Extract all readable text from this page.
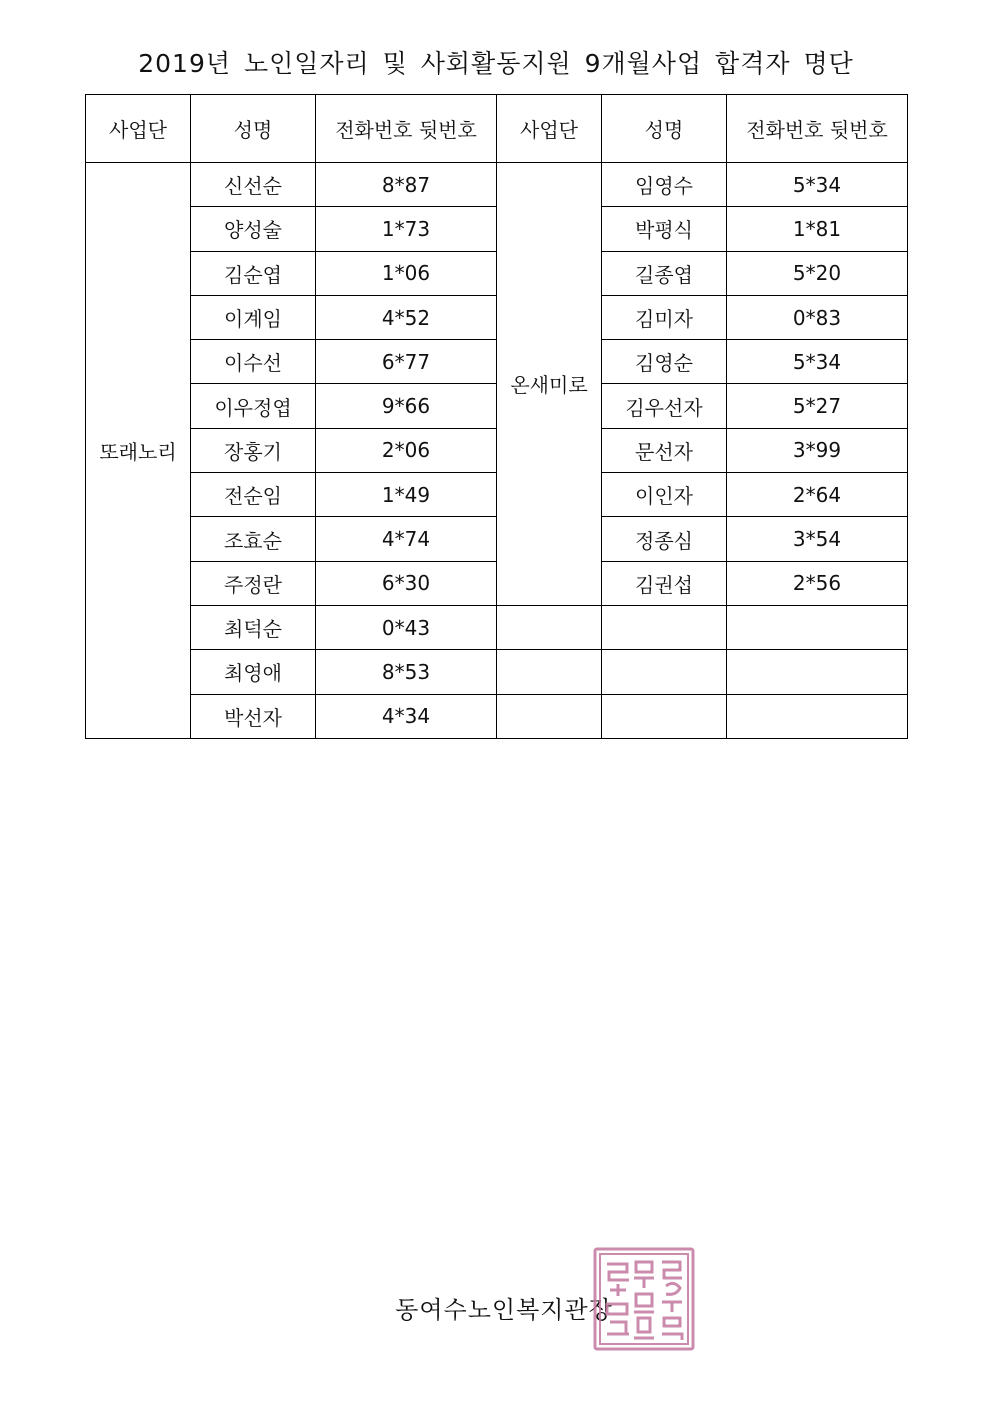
2019년 노인일자리 및 사회활동지원 9개월사업 합격자 명단
사업단	성명	전화번호 뒷번호	사업단	성명	전화번호 뒷번호
또래노리	신선순	8*87	온새미로	임영수	5*34
	양성술	1*73		박평식	1*81
	김순엽	1*06		길종엽	5*20
	이계임	4*52		김미자	0*83
	이수선	6*77		김영순	5*34
	이우정엽	9*66		김우선자	5*27
	장홍기	2*06		문선자	3*99
	전순임	1*49		이인자	2*64
	조효순	4*74		정종심	3*54
	주정란	6*30		김권섭	2*56
	최덕순	0*43			
	최영애	8*53			
	박선자	4*34			
동여수노인복지관장
